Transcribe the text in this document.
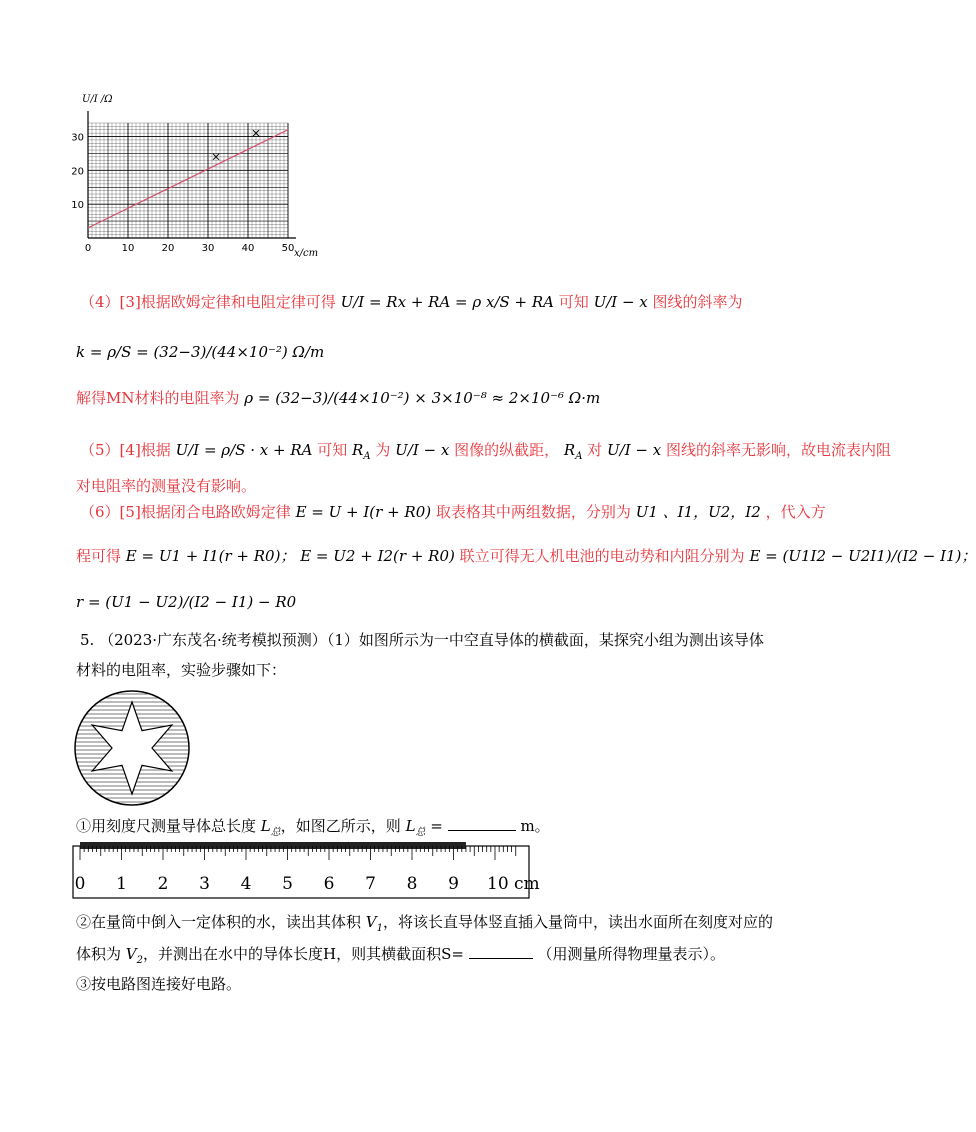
0	10	20	30	40	50
10
20
30
U/I /Ω
x/cm
（4）[3]根据欧姆定律和电阻定律可得 U/I = Rx + RA = ρ x/S + RA 可知 U/I − x 图线的斜率为
k = ρ/S = (32−3)/(44×10⁻²) Ω/m
解得MN材料的电阻率为 ρ = (32−3)/(44×10⁻²) × 3×10⁻⁸ ≈ 2×10⁻⁶ Ω·m
（5）[4]根据 U/I = ρ/S · x + RA 可知 $R_A$ 为 U/I − x 图像的纵截距， $R_A$ 对 U/I − x 图线的斜率无影响，故电流表内阻
对电阻率的测量没有影响。
（6）[5]根据闭合电路欧姆定律 E = U + I(r + R0) 取表格其中两组数据，分别为 U1 、I1，U2，I2 ，代入方
程可得 E = U1 + I1(r + R0)； E = U2 + I2(r + R0) 联立可得无人机电池的电动势和内阻分别为 E = (U1I2 − U2I1)/(I2 − I1)；
r = (U1 − U2)/(I2 − I1) − R0
5. （2023·广东茂名·统考模拟预测）（1）如图所示为一中空直导体的横截面，某探究小组为测出该导体
材料的电阻率，实验步骤如下：
①用刻度尺测量导体总长度 $L_总$，如图乙所示，则 $L_总$ =	m。
0 1 2 3 4 5 6 7 8 9 10 cm
②在量筒中倒入一定体积的水，读出其体积 $V_1$，将该长直导体竖直插入量筒中，读出水面所在刻度对应的
体积为 $V_2$，并测出在水中的导体长度H，则其横截面积S=	（用测量所得物理量表示）。
③按电路图连接好电路。
